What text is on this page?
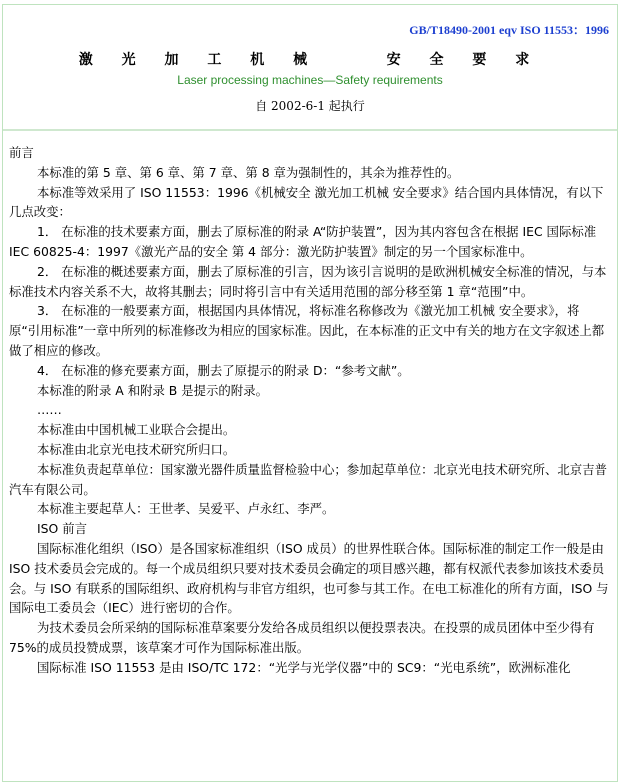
GB/T18490-2001 eqv ISO 11553：1996
激 光 加 工 机 械    安 全 要 求
Laser processing machines—Safety requirements
自 2002-6-1 起执行

前言

本标准的第 5 章、第 6 章、第 7 章、第 8 章为强制性的，其余为推荐性的。

本标准等效采用了 ISO 11553：1996《机械安全 激光加工机械 安全要求》结合国内具体情况，有以下几点改变：

1． 在标准的技术要素方面，删去了原标准的附录 A“防护装置”，因为其内容包含在根据 IEC 国际标准 IEC 60825-4：1997《激光产品的安全 第 4 部分：激光防护装置》制定的另一个国家标准中。

2． 在标准的概述要素方面，删去了原标准的引言，因为该引言说明的是欧洲机械安全标准的情况，与本标准技术内容关系不大，故将其删去；同时将引言中有关适用范围的部分移至第 1 章“范围”中。

3． 在标准的一般要素方面，根据国内具体情况，将标准名称修改为《激光加工机械 安全要求》，将原“引用标准”一章中所列的标准修改为相应的国家标准。因此，在本标准的正文中有关的地方在文字叙述上都做了相应的修改。

4． 在标准的修充要素方面，删去了原提示的附录 D：“参考文献”。

本标准的附录 A 和附录 B 是提示的附录。

……

本标准由中国机械工业联合会提出。

本标准由北京光电技术研究所归口。

本标准负责起草单位：国家激光器件质量监督检验中心；参加起草单位：北京光电技术研究所、北京吉普汽车有限公司。

本标准主要起草人：王世孝、吴爱平、卢永红、李严。

ISO 前言

国际标准化组织（ISO）是各国家标准组织（ISO 成员）的世界性联合体。国际标准的制定工作一般是由 ISO 技术委员会完成的。每一个成员组织只要对技术委员会确定的项目感兴趣，都有权派代表参加该技术委员会。与 ISO 有联系的国际组织、政府机构与非官方组织，也可参与其工作。在电工标准化的所有方面，ISO 与国际电工委员会（IEC）进行密切的合作。

为技术委员会所采纳的国际标准草案要分发给各成员组织以便投票表决。在投票的成员团体中至少得有 75%的成员投赞成票，该草案才可作为国际标准出版。

国际标准 ISO 11553 是由 ISO/TC 172：“光学与光学仪器”中的 SC9：“光电系统”，欧洲标准化
